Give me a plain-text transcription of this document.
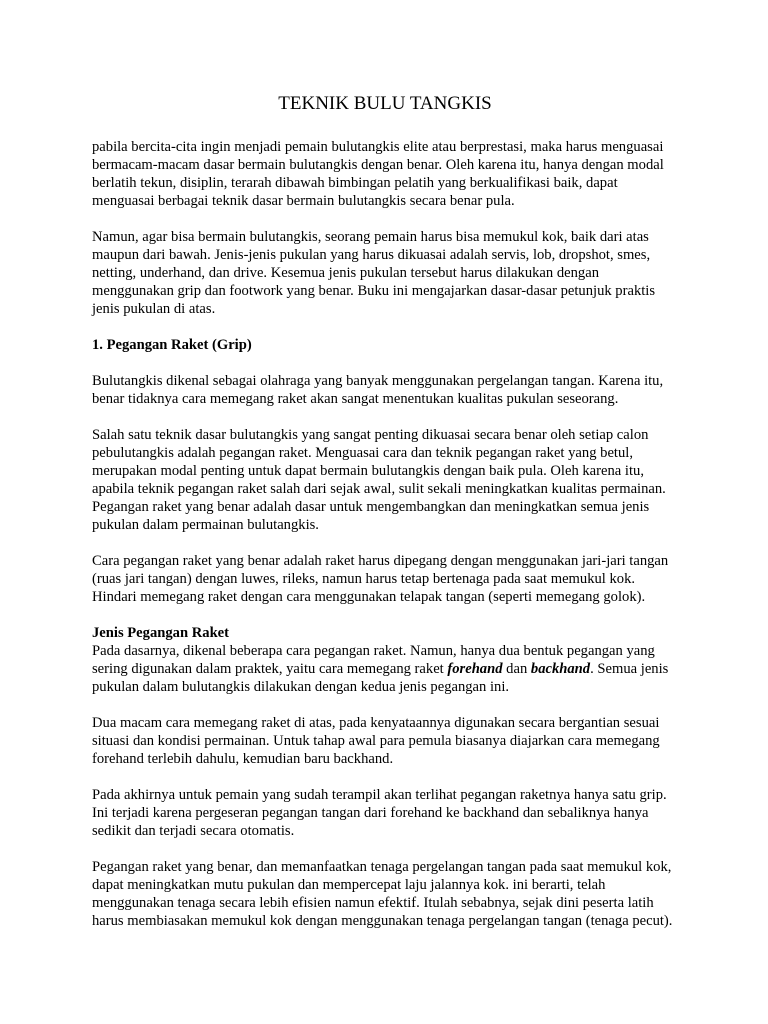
TEKNIK BULU TANGKIS

pabila bercita-cita ingin menjadi pemain bulutangkis elite atau berprestasi, maka harus menguasai bermacam-macam dasar bermain bulutangkis dengan benar. Oleh karena itu, hanya dengan modal berlatih tekun, disiplin, terarah dibawah bimbingan pelatih yang berkualifikasi baik, dapat menguasai berbagai teknik dasar bermain bulutangkis secara benar pula.

Namun, agar bisa bermain bulutangkis, seorang pemain harus bisa memukul kok, baik dari atas maupun dari bawah. Jenis-jenis pukulan yang harus dikuasai adalah servis, lob, dropshot, smes, netting, underhand, dan drive. Kesemua jenis pukulan tersebut harus dilakukan dengan menggunakan grip dan footwork yang benar. Buku ini mengajarkan dasar-dasar petunjuk praktis jenis pukulan di atas.

1. Pegangan Raket (Grip)

Bulutangkis dikenal sebagai olahraga yang banyak menggunakan pergelangan tangan. Karena itu, benar tidaknya cara memegang raket akan sangat menentukan kualitas pukulan seseorang.

Salah satu teknik dasar bulutangkis yang sangat penting dikuasai secara benar oleh setiap calon pebulutangkis adalah pegangan raket. Menguasai cara dan teknik pegangan raket yang betul, merupakan modal penting untuk dapat bermain bulutangkis dengan baik pula. Oleh karena itu, apabila teknik pegangan raket salah dari sejak awal, sulit sekali meningkatkan kualitas permainan. Pegangan raket yang benar adalah dasar untuk mengembangkan dan meningkatkan semua jenis pukulan dalam permainan bulutangkis.

Cara pegangan raket yang benar adalah raket harus dipegang dengan menggunakan jari-jari tangan (ruas jari tangan) dengan luwes, rileks, namun harus tetap bertenaga pada saat memukul kok. Hindari memegang raket dengan cara menggunakan telapak tangan (seperti memegang golok).

Jenis Pegangan Raket

Pada dasarnya, dikenal beberapa cara pegangan raket. Namun, hanya dua bentuk pegangan yang sering digunakan dalam praktek, yaitu cara memegang raket forehand dan backhand. Semua jenis pukulan dalam bulutangkis dilakukan dengan kedua jenis pegangan ini.

Dua macam cara memegang raket di atas, pada kenyataannya digunakan secara bergantian sesuai situasi dan kondisi permainan. Untuk tahap awal para pemula biasanya diajarkan cara memegang forehand terlebih dahulu, kemudian baru backhand.

Pada akhirnya untuk pemain yang sudah terampil akan terlihat pegangan raketnya hanya satu grip. Ini terjadi karena pergeseran pegangan tangan dari forehand ke backhand dan sebaliknya hanya sedikit dan terjadi secara otomatis.

Pegangan raket yang benar, dan memanfaatkan tenaga pergelangan tangan pada saat memukul kok, dapat meningkatkan mutu pukulan dan mempercepat laju jalannya kok. ini berarti, telah menggunakan tenaga secara lebih efisien namun efektif. Itulah sebabnya, sejak dini peserta latih harus membiasakan memukul kok dengan menggunakan tenaga pergelangan tangan (tenaga pecut).
